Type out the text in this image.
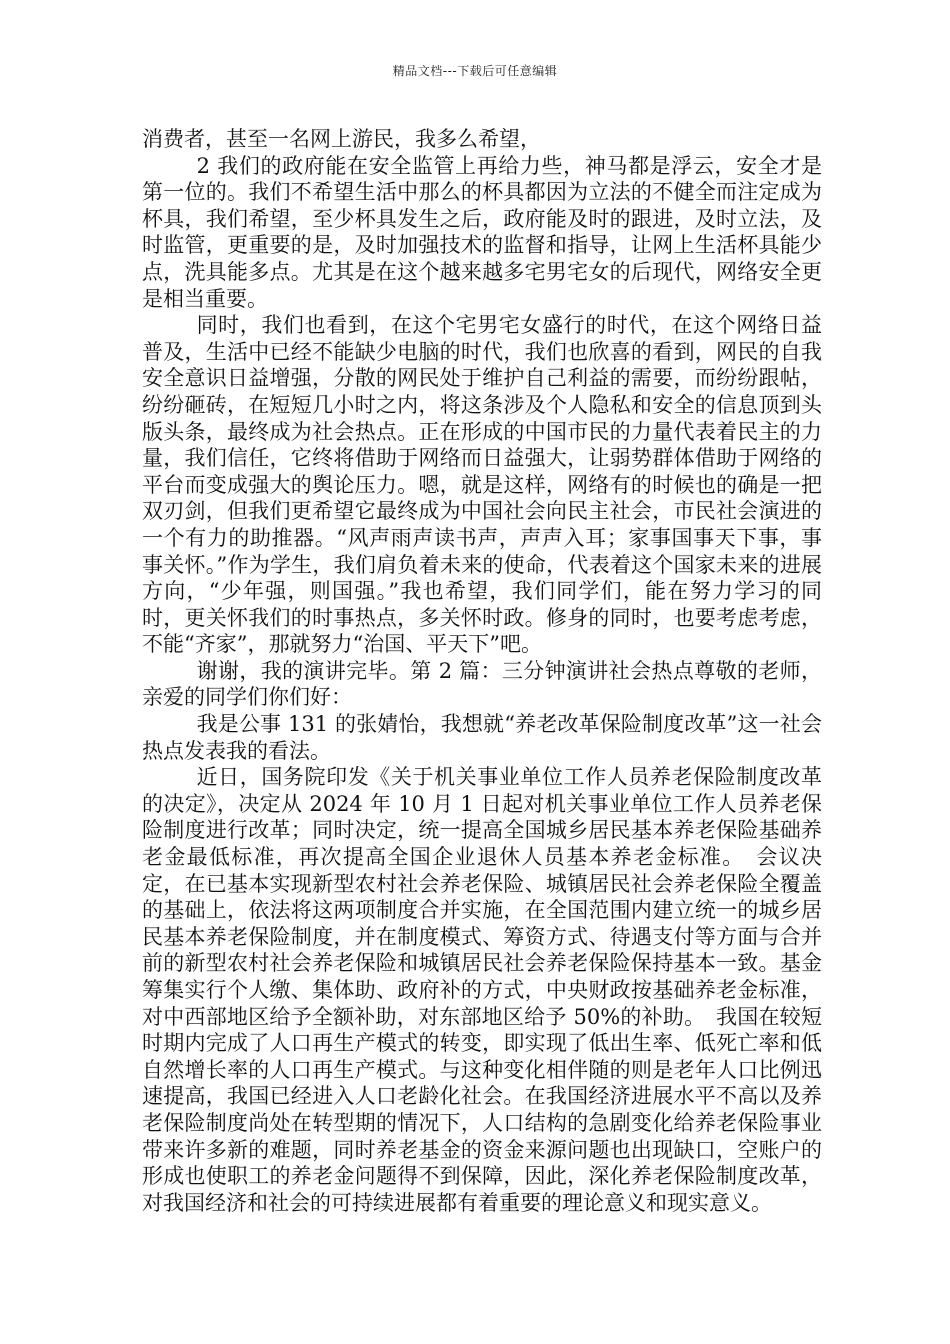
精品文档---下载后可任意编辑

消费者，甚至一名网上游民，我多么希望，

2 我们的政府能在安全监管上再给力些，神马都是浮云，安全才是第一位的。我们不希望生活中那么的杯具都因为立法的不健全而注定成为杯具，我们希望，至少杯具发生之后，政府能及时的跟进，及时立法，及时监管，更重要的是，及时加强技术的监督和指导，让网上生活杯具能少点，洗具能多点。尤其是在这个越来越多宅男宅女的后现代，网络安全更是相当重要。

同时，我们也看到，在这个宅男宅女盛行的时代，在这个网络日益普及，生活中已经不能缺少电脑的时代，我们也欣喜的看到，网民的自我安全意识日益增强，分散的网民处于维护自己利益的需要，而纷纷跟帖，纷纷砸砖，在短短几小时之内，将这条涉及个人隐私和安全的信息顶到头版头条，最终成为社会热点。正在形成的中国市民的力量代表着民主的力量，我们信任，它终将借助于网络而日益强大，让弱势群体借助于网络的平台而变成强大的舆论压力。嗯，就是这样，网络有的时候也的确是一把双刃剑，但我们更希望它最终成为中国社会向民主社会，市民社会演进的一个有力的助推器。“风声雨声读书声，声声入耳；家事国事天下事，事事关怀。”作为学生，我们肩负着未来的使命，代表着这个国家未来的进展方向，“少年强，则国强。”我也希望，我们同学们，能在努力学习的同时，更关怀我们的时事热点，多关怀时政。修身的同时，也要考虑考虑，不能“齐家”，那就努力“治国、平天下”吧。

谢谢，我的演讲完毕。第 2 篇：三分钟演讲社会热点尊敬的老师，亲爱的同学们你们好：

我是公事 131 的张婧怡，我想就“养老改革保险制度改革”这一社会热点发表我的看法。

近日，国务院印发《关于机关事业单位工作人员养老保险制度改革的决定》，决定从 2024 年 10 月 1 日起对机关事业单位工作人员养老保险制度进行改革；同时决定，统一提高全国城乡居民基本养老保险基础养老金最低标准，再次提高全国企业退休人员基本养老金标准。　会议决定，在已基本实现新型农村社会养老保险、城镇居民社会养老保险全覆盖的基础上，依法将这两项制度合并实施，在全国范围内建立统一的城乡居民基本养老保险制度，并在制度模式、筹资方式、待遇支付等方面与合并前的新型农村社会养老保险和城镇居民社会养老保险保持基本一致。基金筹集实行个人缴、集体助、政府补的方式，中央财政按基础养老金标准，对中西部地区给予全额补助，对东部地区给予 50%的补助。　我国在较短时期内完成了人口再生产模式的转变，即实现了低出生率、低死亡率和低自然增长率的人口再生产模式。与这种变化相伴随的则是老年人口比例迅速提高，我国已经进入人口老龄化社会。在我国经济进展水平不高以及养老保险制度尚处在转型期的情况下，人口结构的急剧变化给养老保险事业带来许多新的难题，同时养老基金的资金来源问题也出现缺口，空账户的形成也使职工的养老金问题得不到保障，因此，深化养老保险制度改革，对我国经济和社会的可持续进展都有着重要的理论意义和现实意义。
